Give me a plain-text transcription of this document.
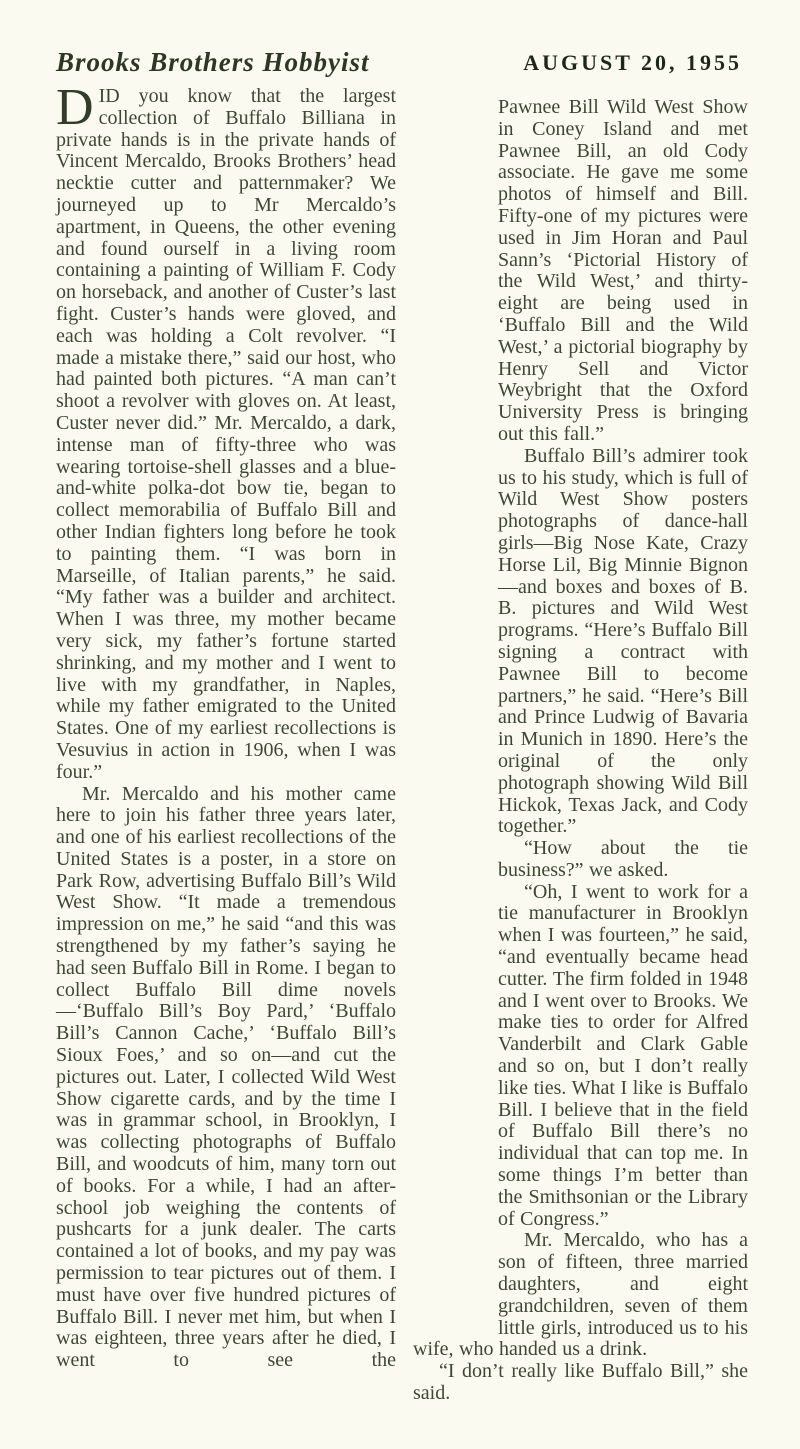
Brooks Brothers Hobbyist	AUGUST 20, 1955

DID you know that the largest collection of Buffalo Billiana in private hands is in the private hands of Vincent Mercaldo, Brooks Brothers’ head necktie cutter and patternmaker? We journeyed up to Mr Mercaldo’s apartment, in Queens, the other evening and found ourself in a living room containing a painting of William F. Cody on horseback, and another of Custer’s last fight. Custer’s hands were gloved, and each was holding a Colt revolver. “I made a mistake there,” said our host, who had painted both pictures. “A man can’t shoot a revolver with gloves on. At least, Custer never did.” Mr. Mercaldo, a dark, intense man of fifty-three who was wearing tortoise-shell glasses and a blue-and-white polka-dot bow tie, began to collect memorabilia of Buffalo Bill and other Indian fighters long before he took to painting them. “I was born in Marseille, of Italian parents,” he said. “My father was a builder and architect. When I was three, my mother became very sick, my father’s fortune started shrinking, and my mother and I went to live with my grandfather, in Naples, while my father emigrated to the United States. One of my earliest recollections is Vesuvius in action in 1906, when I was four.”

Mr. Mercaldo and his mother came here to join his father three years later, and one of his earliest recollections of the United States is a poster, in a store on Park Row, advertising Buffalo Bill’s Wild West Show. “It made a tremendous impression on me,” he said “and this was strengthened by my father’s saying he had seen Buffalo Bill in Rome. I began to collect Buffalo Bill dime novels—‘Buffalo Bill’s Boy Pard,’ ‘Buffalo Bill’s Cannon Cache,’ ‘Buffalo Bill’s Sioux Foes,’ and so on—and cut the pictures out. Later, I collected Wild West Show cigarette cards, and by the time I was in grammar school, in Brooklyn, I was collecting photographs of Buffalo Bill, and woodcuts of him, many torn out of books. For a while, I had an after-school job weighing the contents of pushcarts for a junk dealer. The carts contained a lot of books, and my pay was permission to tear pictures out of them. I must have over five hundred pictures of Buffalo Bill. I never met him, but when I was eighteen, three years after he died, I went to see the

Pawnee Bill Wild West Show in Coney Island and met Pawnee Bill, an old Cody associate. He gave me some photos of himself and Bill. Fifty-one of my pictures were used in Jim Horan and Paul Sann’s ‘Pictorial History of the Wild West,’ and thirty-eight are being used in ‘Buffalo Bill and the Wild West,’ a pictorial biography by Henry Sell and Victor Weybright that the Oxford University Press is bringing out this fall.”

Buffalo Bill’s admirer took us to his study, which is full of Wild West Show posters photographs of dance-hall girls—Big Nose Kate, Crazy Horse Lil, Big Minnie Bignon—and boxes and boxes of B. B. pictures and Wild West programs. “Here’s Buffalo Bill signing a contract with Pawnee Bill to become partners,” he said. “Here’s Bill and Prince Ludwig of Bavaria in Munich in 1890. Here’s the original of the only photograph showing Wild Bill Hickok, Texas Jack, and Cody together.”

“How about the tie business?” we asked.

“Oh, I went to work for a tie manufacturer in Brooklyn when I was fourteen,” he said, “and eventually became head cutter. The firm folded in 1948 and I went over to Brooks. We make ties to order for Alfred Vanderbilt and Clark Gable and so on, but I don’t really like ties. What I like is Buffalo Bill. I believe that in the field of Buffalo Bill there’s no individual that can top me. In some things I’m better than the Smithsonian or the Library of Congress.”

Mr. Mercaldo, who has a son of fifteen, three married daughters, and eight grandchildren, seven of them little girls, introduced us to his wife, who handed us a drink.

“I don’t really like Buffalo Bill,” she said.
